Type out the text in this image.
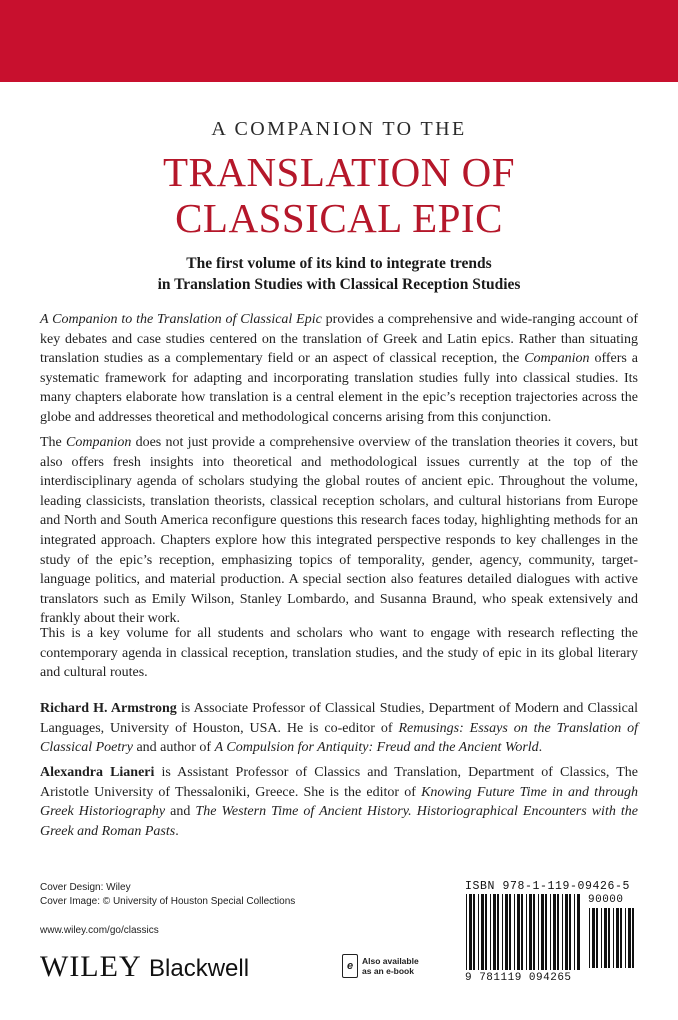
A COMPANION TO THE
TRANSLATION OF
CLASSICAL EPIC
The first volume of its kind to integrate trends
in Translation Studies with Classical Reception Studies
A Companion to the Translation of Classical Epic provides a comprehensive and wide-ranging account of key debates and case studies centered on the translation of Greek and Latin epics. Rather than situating translation studies as a complementary field or an aspect of classical reception, the Companion offers a systematic framework for adapting and incorporating translation studies fully into classical studies. Its many chapters elaborate how translation is a central element in the epic’s reception trajectories across the globe and addresses theoretical and methodological concerns arising from this conjunction.
The Companion does not just provide a comprehensive overview of the translation theories it covers, but also offers fresh insights into theoretical and methodological issues currently at the top of the interdisciplinary agenda of scholars studying the global routes of ancient epic. Throughout the volume, leading classicists, translation theorists, classical reception scholars, and cultural historians from Europe and North and South America reconfigure questions this research faces today, highlighting methods for an integrated approach. Chapters explore how this integrated perspective responds to key challenges in the study of the epic’s reception, emphasizing topics of temporality, gender, agency, community, target-language politics, and material production. A special section also features detailed dialogues with active translators such as Emily Wilson, Stanley Lombardo, and Susanna Braund, who speak extensively and frankly about their work.
This is a key volume for all students and scholars who want to engage with research reflecting the contemporary agenda in classical reception, translation studies, and the study of epic in its global literary and cultural routes.
Richard H. Armstrong is Associate Professor of Classical Studies, Department of Modern and Classical Languages, University of Houston, USA. He is co-editor of Remusings: Essays on the Translation of Classical Poetry and author of A Compulsion for Antiquity: Freud and the Ancient World.
Alexandra Lianeri is Assistant Professor of Classics and Translation, Department of Classics, The Aristotle University of Thessaloniki, Greece. She is the editor of Knowing Future Time in and through Greek Historiography and The Western Time of Ancient History. Historiographical Encounters with the Greek and Roman Pasts.
Cover Design: Wiley
Cover Image: © University of Houston Special Collections
www.wiley.com/go/classics
WILEY Blackwell	e	Also available
as an e-book
ISBN 978-1-119-09426-5
90000
9 781119 094265
